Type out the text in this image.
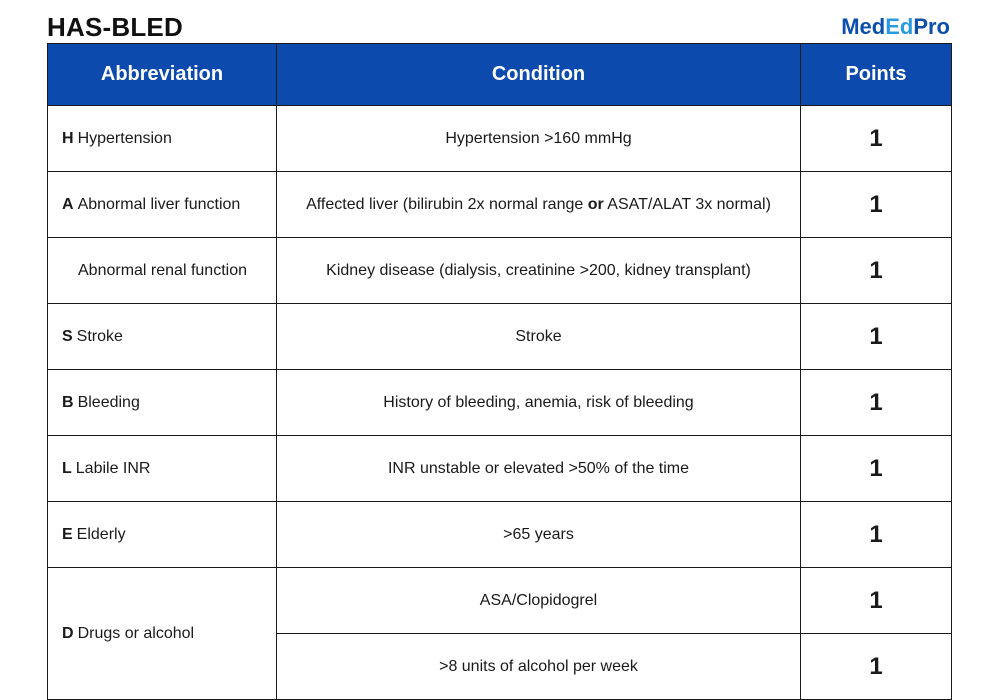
HAS-BLED	MedEdPro
Abbreviation	Condition	Points
H Hypertension	Hypertension >160 mmHg	1
A Abnormal liver function	Affected liver (bilirubin 2x normal range or ASAT/ALAT 3x normal)	1
Abnormal renal function	Kidney disease (dialysis, creatinine >200, kidney transplant)	1
S Stroke	Stroke	1
B Bleeding	History of bleeding, anemia, risk of bleeding	1
L Labile INR	INR unstable or elevated >50% of the time	1
E Elderly	>65 years	1
D Drugs or alcohol	ASA/Clopidogrel	1
	>8 units of alcohol per week	1
